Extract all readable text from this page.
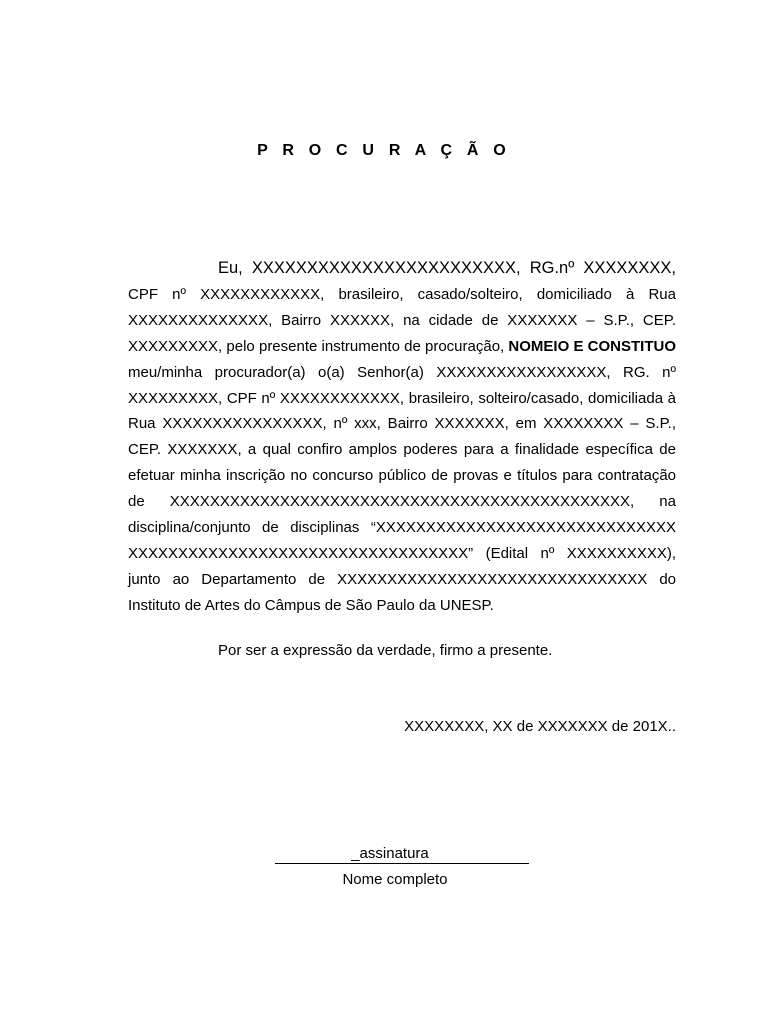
P R O C U R A Ç Ã O

Eu, XXXXXXXXXXXXXXXXXXXXXXXX, RG.nº XXXXXXXX, CPF nº XXXXXXXXXXXX, brasileiro, casado/solteiro, domiciliado à Rua XXXXXXXXXXXXXX, Bairro XXXXXX, na cidade de XXXXXXX – S.P., CEP. XXXXXXXXX, pelo presente instrumento de procuração, NOMEIO E CONSTITUO meu/minha procurador(a) o(a) Senhor(a) XXXXXXXXXXXXXXXXX, RG. nº XXXXXXXXX, CPF nº XXXXXXXXXXXX, brasileiro, solteiro/casado, domiciliada à Rua XXXXXXXXXXXXXXXX, nº xxx, Bairro XXXXXXX, em XXXXXXXX – S.P., CEP. XXXXXXX, a qual confiro amplos poderes para a finalidade específica de efetuar minha inscrição no concurso público de provas e títulos para contratação de XXXXXXXXXXXXXXXXXXXXXXXXXXXXXXXXXXXXXXXXXXXXXX, na disciplina/conjunto de disciplinas “XXXXXXXXXXXXXXXXXXXXXXXXXXXXXX XXXXXXXXXXXXXXXXXXXXXXXXXXXXXXXXXX” (Edital nº XXXXXXXXXX), junto ao Departamento de XXXXXXXXXXXXXXXXXXXXXXXXXXXXXXX do Instituto de Artes do Câmpus de São Paulo da UNESP.

Por ser a expressão da verdade, firmo a presente.

XXXXXXXX, XX de XXXXXXX de 201X..

_assinatura
Nome completo
